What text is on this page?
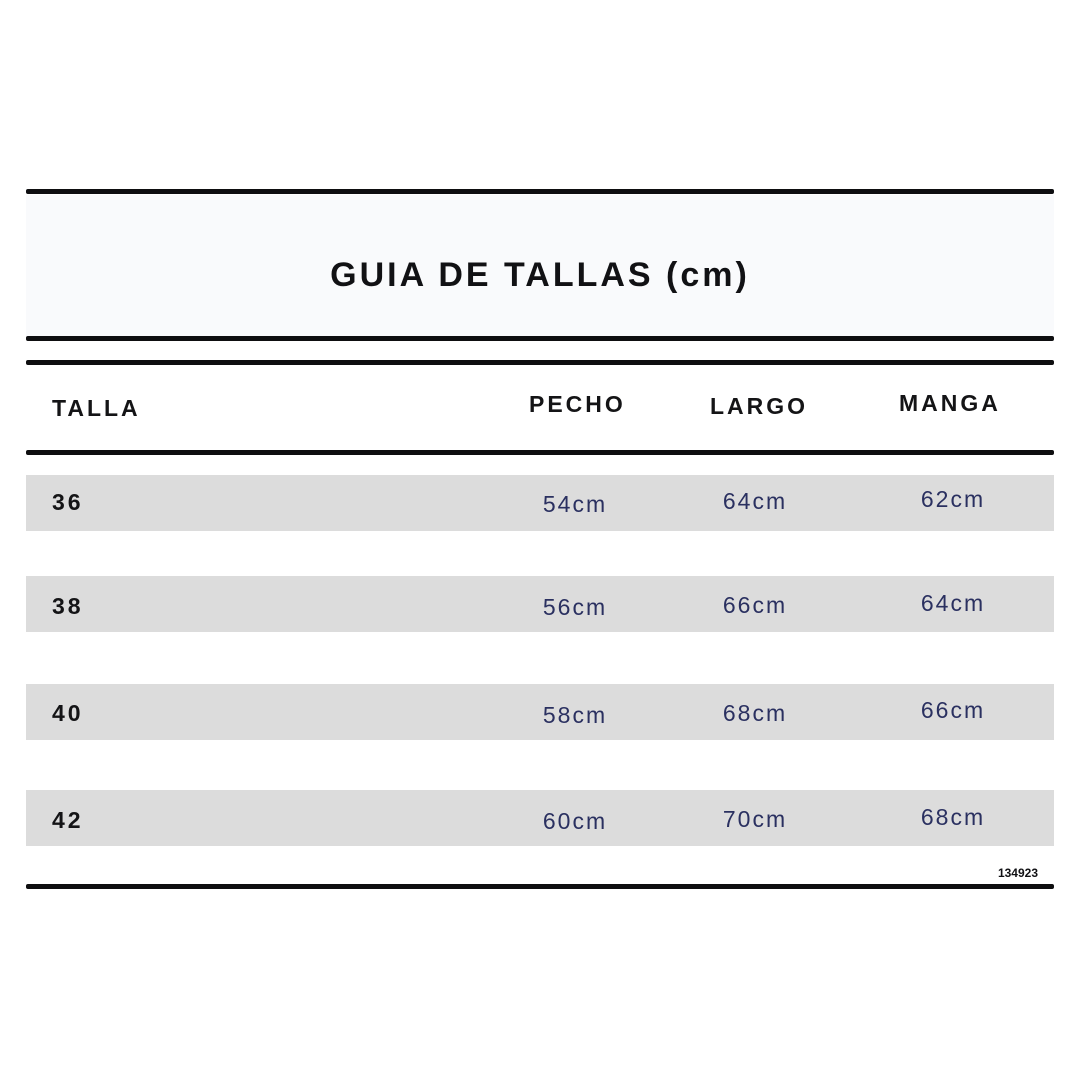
GUIA DE TALLAS (cm)
TALLA	PECHO	LARGO	MANGA
36	54cm	64cm	62cm
38	56cm	66cm	64cm
40	58cm	68cm	66cm
42	60cm	70cm	68cm
134923
